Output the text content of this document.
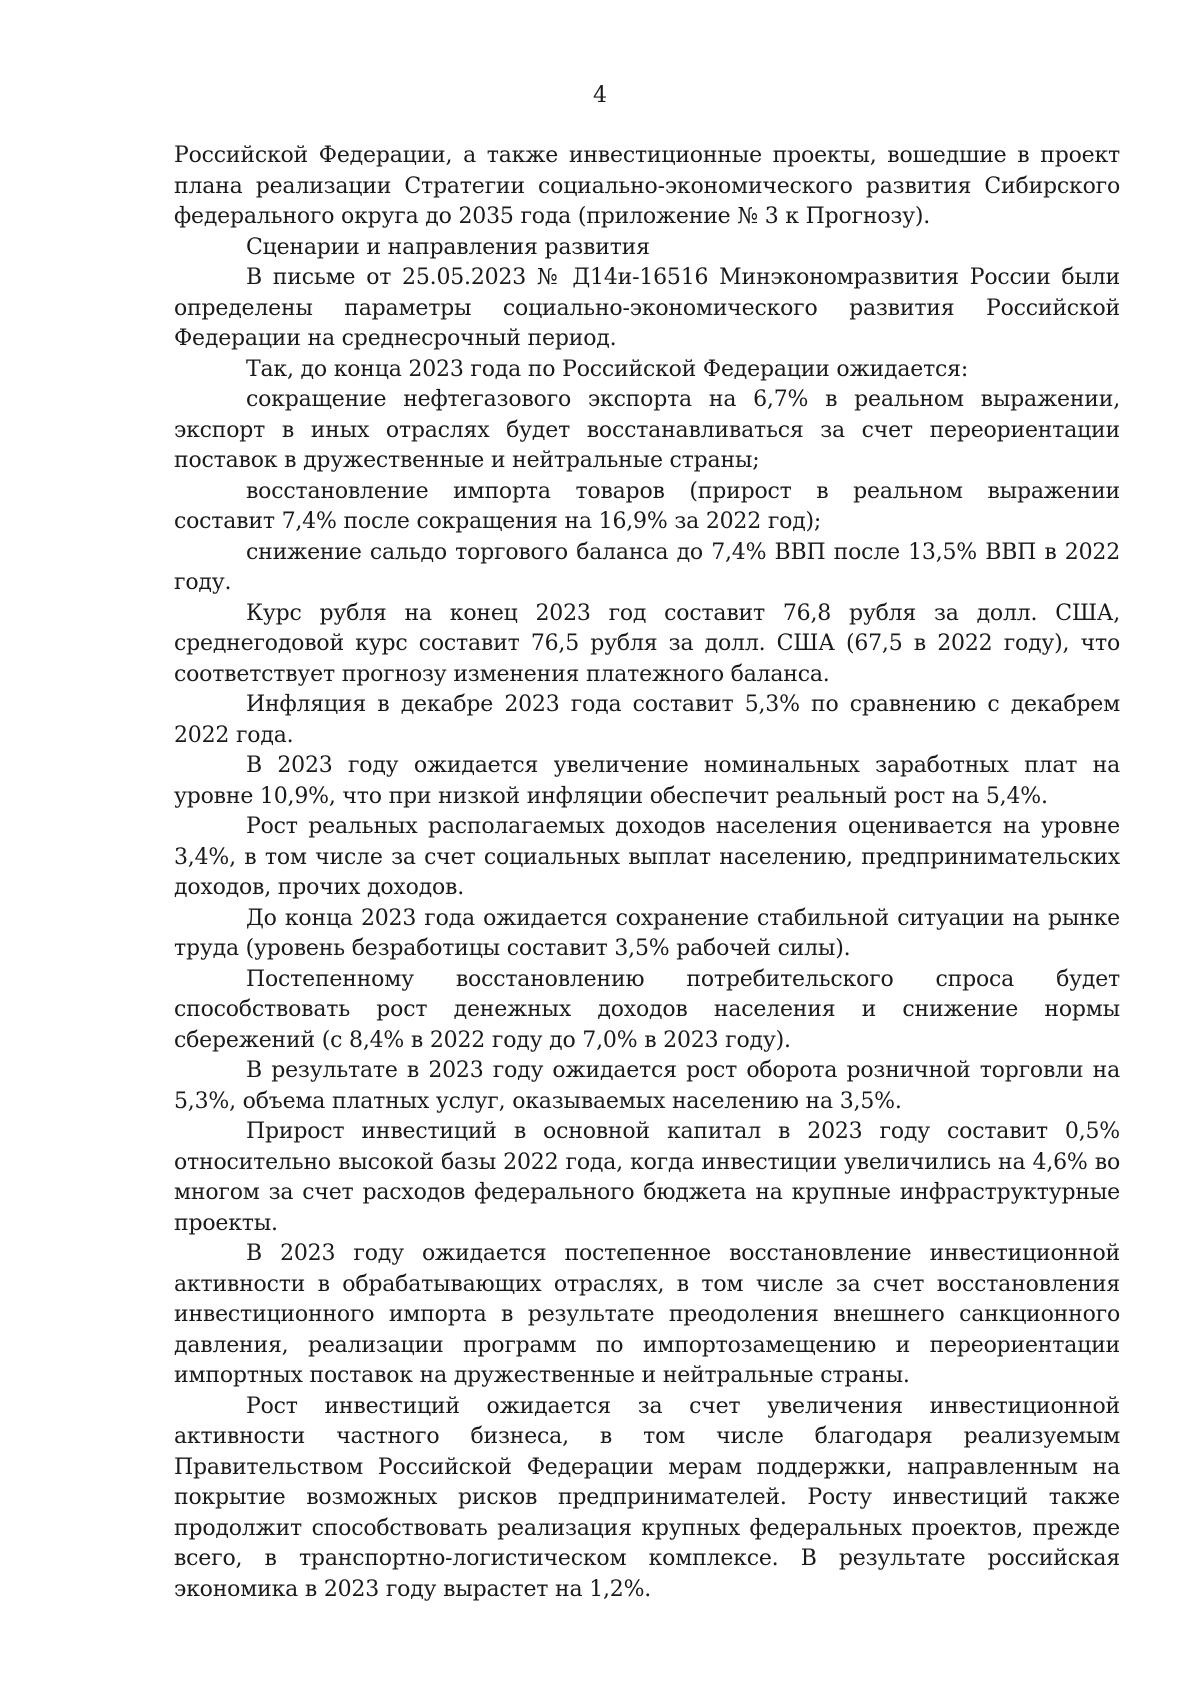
4

Российской Федерации, а также инвестиционные проекты, вошедшие в проект плана реализации Стратегии социально-экономического развития Сибирского федерального округа до 2035 года (приложение № 3 к Прогнозу).

Сценарии и направления развития

В письме от 25.05.2023 № Д14и-16516 Минэкономразвития России были определены параметры социально-экономического развития Российской Федерации на среднесрочный период.

Так, до конца 2023 года по Российской Федерации ожидается:

сокращение нефтегазового экспорта на 6,7% в реальном выражении, экспорт в иных отраслях будет восстанавливаться за счет переориентации поставок в дружественные и нейтральные страны;

восстановление импорта товаров (прирост в реальном выражении составит 7,4% после сокращения на 16,9% за 2022 год);

снижение сальдо торгового баланса до 7,4% ВВП после 13,5% ВВП в 2022 году.

Курс рубля на конец 2023 год составит 76,8 рубля за долл. США, среднегодовой курс составит 76,5 рубля за долл. США (67,5 в 2022 году), что соответствует прогнозу изменения платежного баланса.

Инфляция в декабре 2023 года составит 5,3% по сравнению с декабрем 2022 года.

В 2023 году ожидается увеличение номинальных заработных плат на уровне 10,9%, что при низкой инфляции обеспечит реальный рост на 5,4%.

Рост реальных располагаемых доходов населения оценивается на уровне 3,4%, в том числе за счет социальных выплат населению, предпринимательских доходов, прочих доходов.

До конца 2023 года ожидается сохранение стабильной ситуации на рынке труда (уровень безработицы составит 3,5% рабочей силы).

Постепенному восстановлению потребительского спроса будет способствовать рост денежных доходов населения и снижение нормы сбережений (с 8,4% в 2022 году до 7,0% в 2023 году).

В результате в 2023 году ожидается рост оборота розничной торговли на 5,3%, объема платных услуг, оказываемых населению на 3,5%.

Прирост инвестиций в основной капитал в 2023 году составит 0,5% относительно высокой базы 2022 года, когда инвестиции увеличились на 4,6% во многом за счет расходов федерального бюджета на крупные инфраструктурные проекты.

В 2023 году ожидается постепенное восстановление инвестиционной активности в обрабатывающих отраслях, в том числе за счет восстановления инвестиционного импорта в результате преодоления внешнего санкционного давления, реализации программ по импортозамещению и переориентации импортных поставок на дружественные и нейтральные страны.

Рост инвестиций ожидается за счет увеличения инвестиционной активности частного бизнеса, в том числе благодаря реализуемым Правительством Российской Федерации мерам поддержки, направленным на покрытие возможных рисков предпринимателей. Росту инвестиций также продолжит способствовать реализация крупных федеральных проектов, прежде всего, в транспортно-логистическом комплексе. В результате российская экономика в 2023 году вырастет на 1,2%.
